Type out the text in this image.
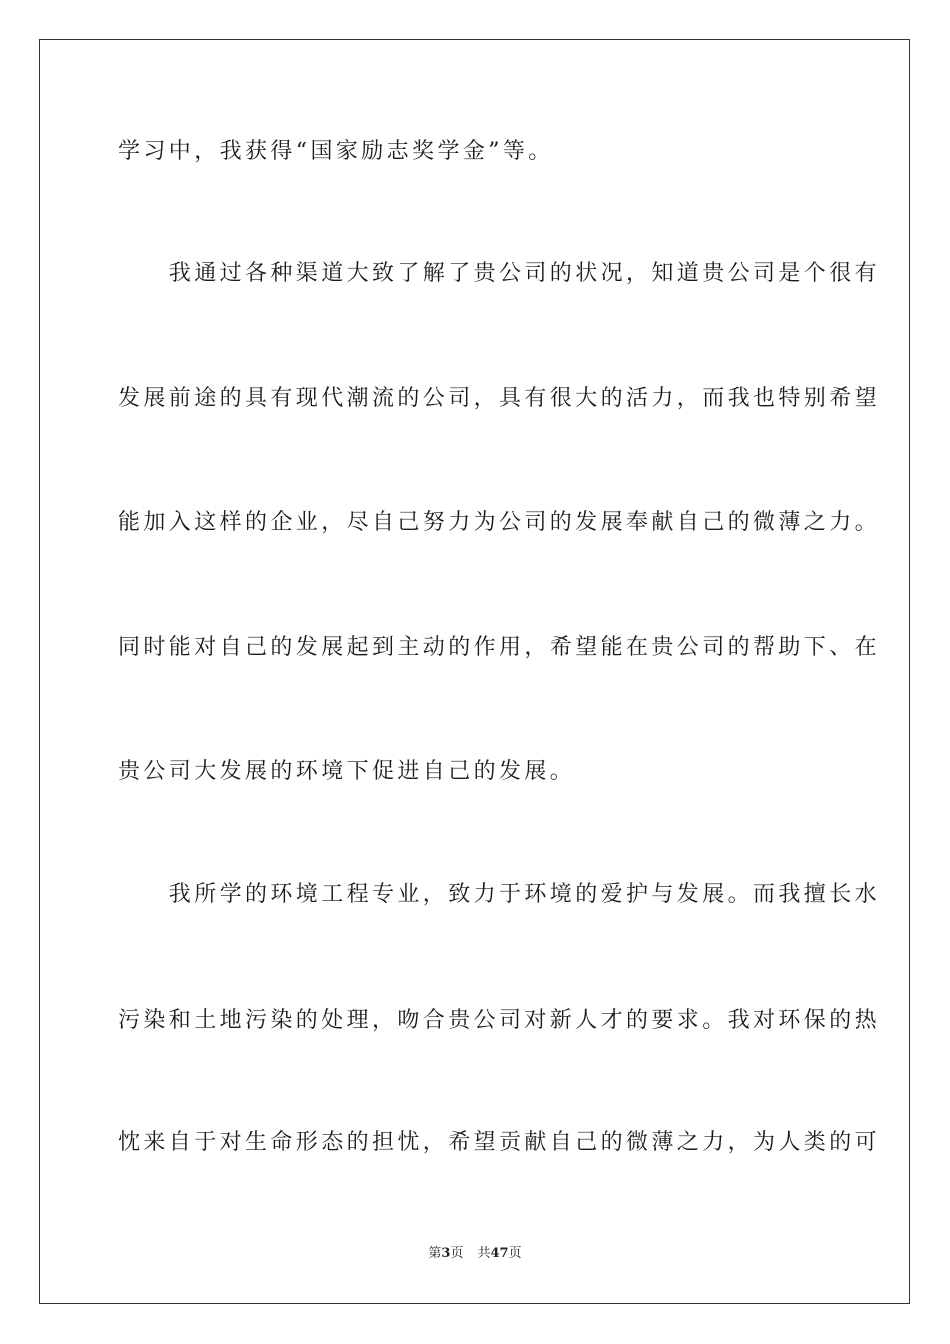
学习中，我获得“国家励志奖学金”等。
　　我通过各种渠道大致了解了贵公司的状况，知道贵公司是个很有
发展前途的具有现代潮流的公司，具有很大的活力，而我也特别希望
能加入这样的企业，尽自己努力为公司的发展奉献自己的微薄之力。
同时能对自己的发展起到主动的作用，希望能在贵公司的帮助下、在
贵公司大发展的环境下促进自己的发展。
　　我所学的环境工程专业，致力于环境的爱护与发展。而我擅长水
污染和土地污染的处理，吻合贵公司对新人才的要求。我对环保的热
忱来自于对生命形态的担忧，希望贡献自己的微薄之力，为人类的可
第3页 共47页
